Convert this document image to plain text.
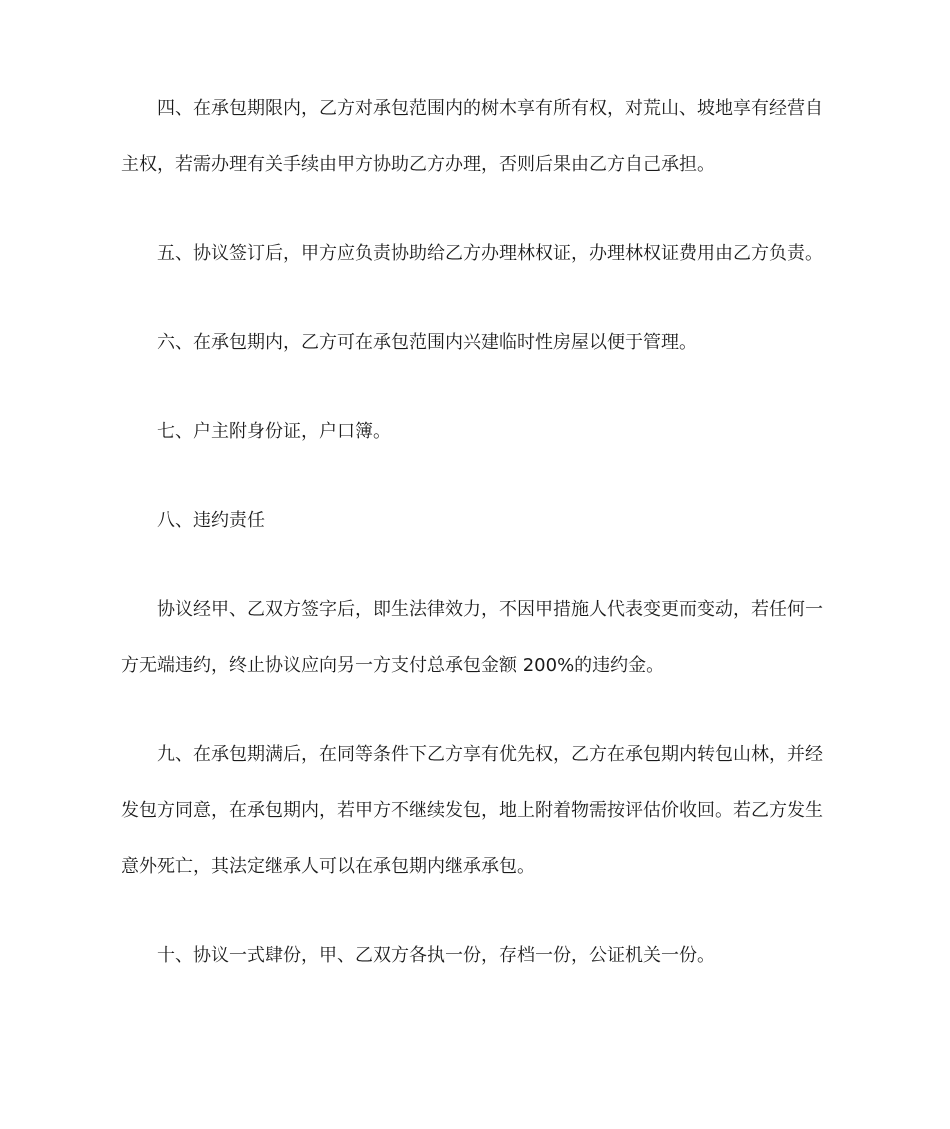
四、在承包期限内，乙方对承包范围内的树木享有所有权，对荒山、坡地享有经营自
主权，若需办理有关手续由甲方协助乙方办理，否则后果由乙方自己承担。
五、协议签订后，甲方应负责协助给乙方办理林权证，办理林权证费用由乙方负责。
六、在承包期内，乙方可在承包范围内兴建临时性房屋以便于管理。
七、户主附身份证，户口簿。
八、违约责任
协议经甲、乙双方签字后，即生法律效力，不因甲措施人代表变更而变动，若任何一
方无端违约，终止协议应向另一方支付总承包金额 200%的违约金。
九、在承包期满后，在同等条件下乙方享有优先权，乙方在承包期内转包山林，并经
发包方同意，在承包期内，若甲方不继续发包，地上附着物需按评估价收回。若乙方发生
意外死亡，其法定继承人可以在承包期内继承承包。
十、协议一式肆份，甲、乙双方各执一份，存档一份，公证机关一份。
